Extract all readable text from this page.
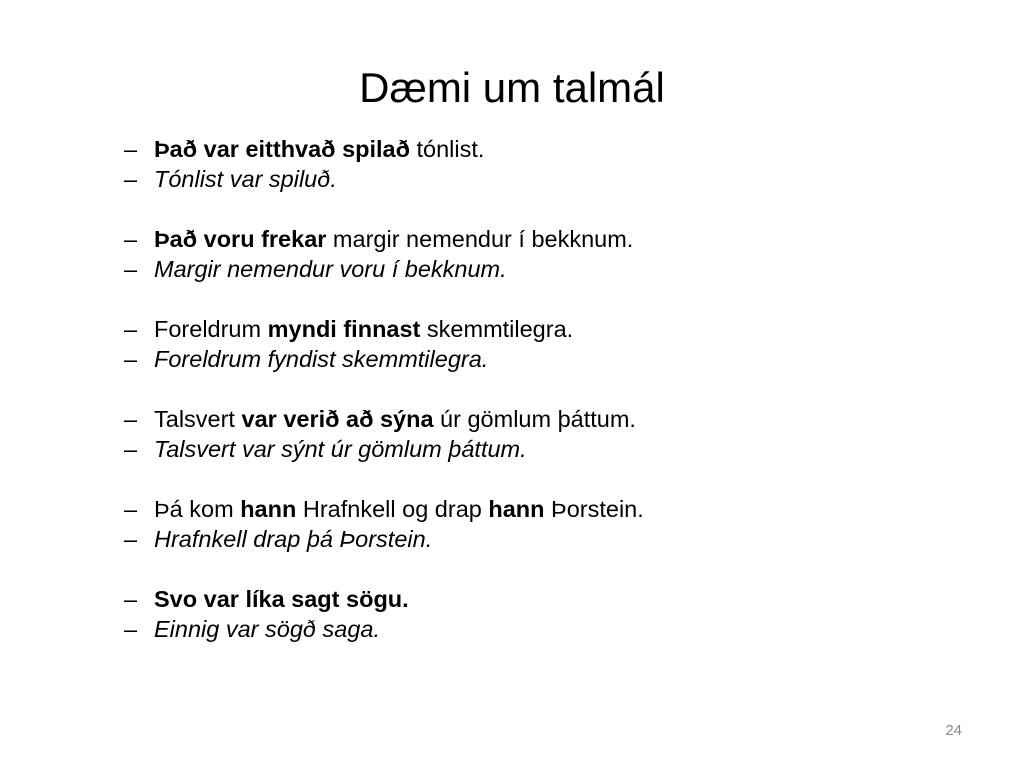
Dæmi um talmál
– Það var eitthvað spilað tónlist.
– Tónlist var spiluð.
– Það voru frekar margir nemendur í bekknum.
– Margir nemendur voru í bekknum.
– Foreldrum myndi finnast skemmtilegra.
– Foreldrum fyndist skemmtilegra.
– Talsvert var verið að sýna úr gömlum þáttum.
– Talsvert var sýnt úr gömlum þáttum.
– Þá kom hann Hrafnkell og drap hann Þorstein.
– Hrafnkell drap þá Þorstein.
– Svo var líka sagt sögu.
– Einnig var sögð saga.
24
